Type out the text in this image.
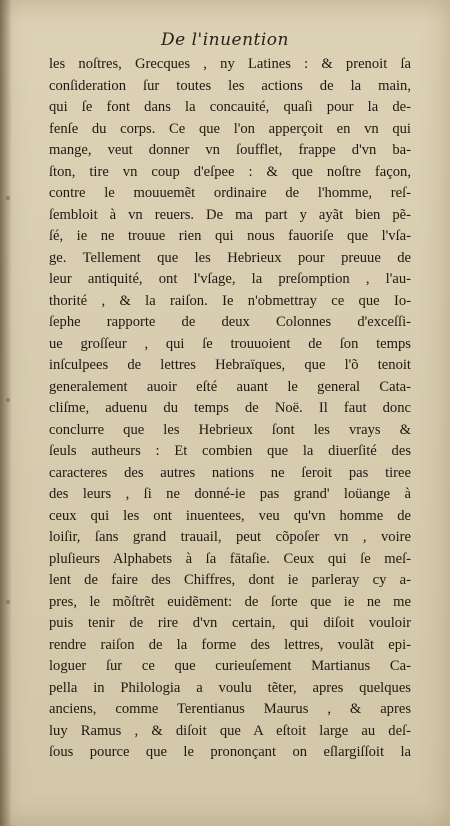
De l'inuention
les noſtres, Grecques , ny Latines : & prenoit ſa
conſideration ſur toutes les actions de la main,
qui ſe font dans la concauité, quaſi pour la de-
fenſe du corps. Ce que l'on apperçoit en vn qui
mange, veut donner vn ſoufflet, frappe d'vn ba-
ſton, tire vn coup d'eſpee : & que noſtre façon,
contre le mouuemẽt ordinaire de l'homme, reſ-
ſembloit à vn reuers. De ma part y ayãt bien pẽ-
ſé, ie ne trouue rien qui nous fauoriſe que l'vſa-
ge. Tellement que les Hebrieux pour preuue de
leur antiquité, ont l'vſage, la preſomption , l'au-
thorité , & la raiſon. Ie n'obmettray ce que Io-
ſephe rapporte de deux Colonnes d'exceſſi-
ue groſſeur , qui ſe trouuoient de ſon temps
inſculpees de lettres Hebraïques, que l'õ tenoit
generalement auoir eſté auant le general Cata-
cliſme, aduenu du temps de Noë. Il faut donc
conclurre que les Hebrieux ſont les vrays &
ſeuls autheurs : Et combien que la diuerſité des
caracteres des autres nations ne ſeroit pas tiree
des leurs , ſi ne donné-ie pas grand' loüange à
ceux qui les ont inuentees, veu qu'vn homme de
loiſir, ſans grand trauail, peut cõpoſer vn , voire
pluſieurs Alphabets à ſa fātaſie. Ceux qui ſe meſ-
lent de faire des Chiffres, dont ie parleray cy a-
pres, le mõſtrẽt euidẽment: de ſorte que ie ne me
puis tenir de rire d'vn certain, qui diſoit vouloir
rendre raiſon de la forme des lettres, voulãt epi-
loguer ſur ce que curieuſement Martianus Ca-
pella in Philologia a voulu tẽter, apres quelques
anciens, comme Terentianus Maurus , & apres
luy Ramus , & diſoit que A eſtoit large au deſ-
ſous pource que le prononçant on eſlargiſſoit la
